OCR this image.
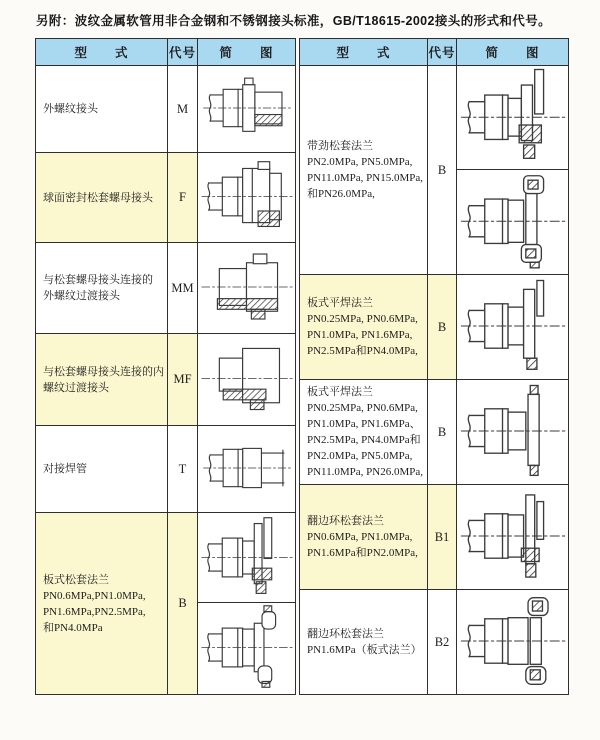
另附：波纹金属软管用非合金钢和不锈钢接头标准，GB/T18615-2002接头的形式和代号。
型　　式	代号	简　　图

外螺纹接头	M	

球面密封松套螺母接头	F	

与松套螺母接头连接的
外螺纹过渡接头	MM	

与松套螺母接头连接的内
螺纹过渡接头	MF	

对接焊管	T	

板式松套法兰
PN0.6MPa,PN1.0MPa,
PN1.6MPa,PN2.5MPa,
和PN4.0MPa	B	
型　　式	代号	简　　图

带劲松套法兰
PN2.0MPa, PN5.0MPa,
PN11.0MPa, PN15.0MPa,
和PN26.0MPa,	B	

板式平焊法兰
PN0.25MPa, PN0.6MPa,
PN1.0MPa, PN1.6MPa,
PN2.5MPa和PN4.0MPa,	B	

板式平焊法兰
PN0.25MPa, PN0.6MPa,
PN1.0MPa, PN1.6MPa、
PN2.5MPa, PN4.0MPa和
PN2.0MPa, PN5.0MPa,
PN11.0MPa, PN26.0MPa,
	B	

翻边环松套法兰
PN0.6MPa, PN1.0MPa,
PN1.6MPa和PN2.0MPa,	B1	

翻边环松套法兰
PN1.6MPa（板式法兰）	B2	
